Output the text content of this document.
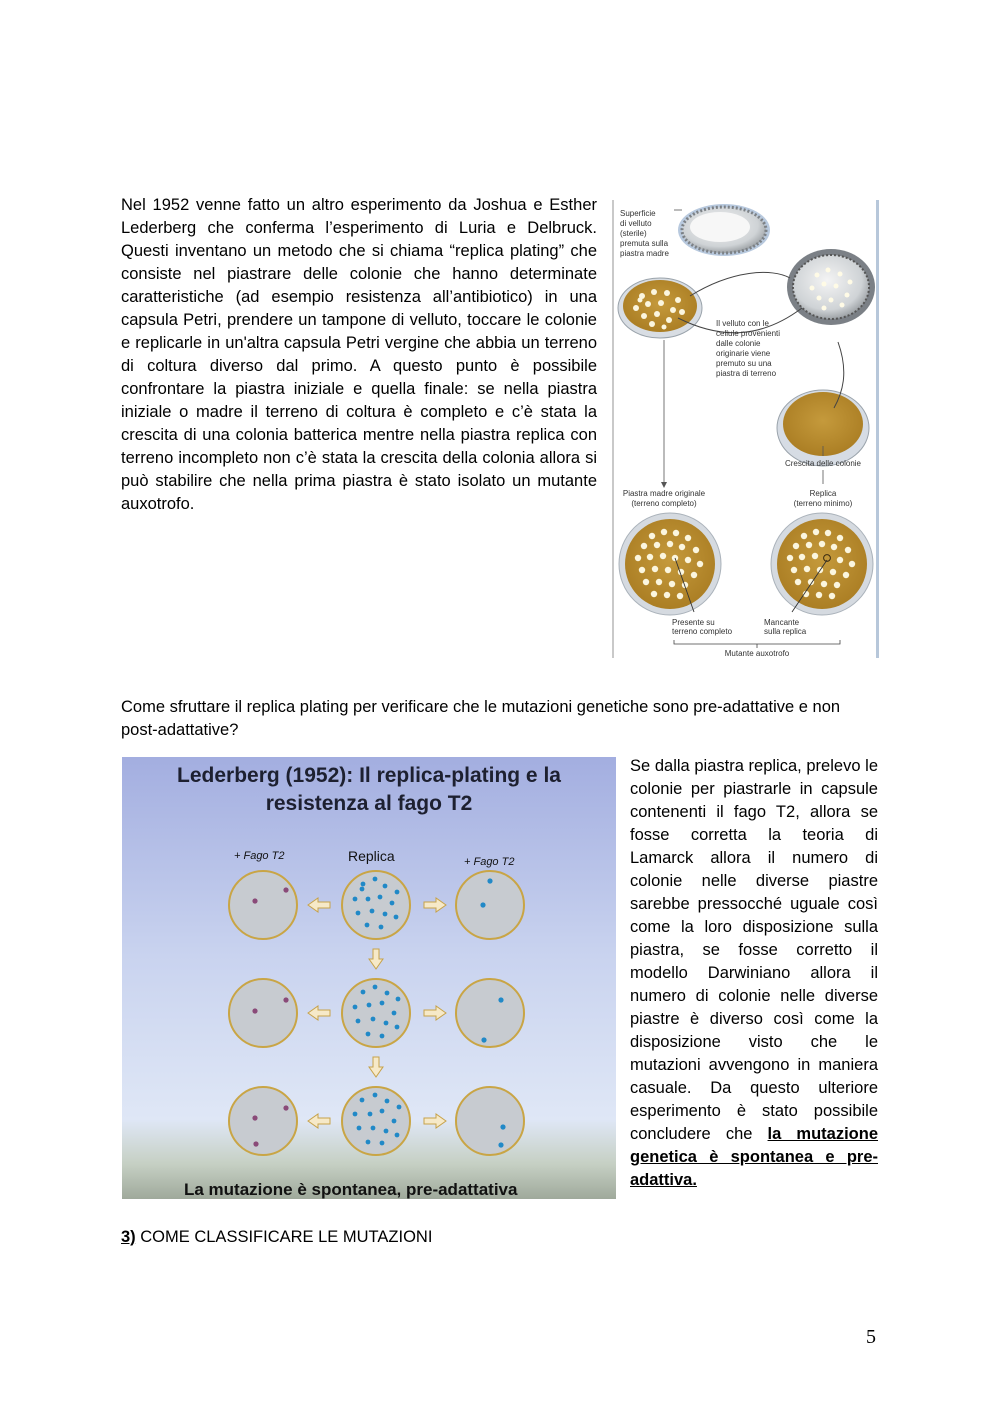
Nel 1952 venne fatto un altro esperimento da Joshua e Esther Lederberg che conferma l’esperimento di Luria e Delbruck. Questi inventano un metodo che si chiama “replica plating” che consiste nel piastrare delle colonie che hanno determinate caratteristiche (ad esempio resistenza all’antibiotico) in una capsula Petri, prendere un tampone di velluto, toccare le colonie e replicarle in un'altra capsula Petri vergine che abbia un terreno di coltura diverso dal primo. A questo punto è possibile confrontare la piastra iniziale e quella finale: se nella piastra iniziale o madre il terreno di coltura è completo e c’è stata la crescita di una colonia batterica mentre nella piastra replica con terreno incompleto non c’è stata la crescita della colonia allora si può stabilire che nella prima piastra è stato isolato un mutante auxotrofo.

Superficie
di velluto
(sterile)
premuta sulla
piastra madre
Il velluto con le
cellule provenienti
dalle colonie
originarie viene
premuto su una
piastra di terreno
Crescita delle colonie
Piastra madre originale
(terreno completo)
Replica
(terreno minimo)
Presente su
terreno completo
Mancante
sulla replica
Mutante auxotrofo

Come sfruttare il replica plating per verificare che le mutazioni genetiche sono pre-adattative e non post-adattative?

Lederberg (1952): Il replica-plating e la
resistenza al fago T2
+ Fago T2	Replica	+ Fago T2
La mutazione è spontanea, pre-adattativa

Se dalla piastra replica, prelevo le colonie per piastrarle in capsule contenenti il fago T2, allora se fosse corretta la teoria di Lamarck allora il numero di colonie nelle diverse piastre sarebbe pressocché uguale così come la loro disposizione sulla piastra, se fosse corretto il modello Darwiniano allora il numero di colonie nelle diverse piastre è diverso così come la disposizione visto che le mutazioni avvengono in maniera casuale. Da questo ulteriore esperimento è stato possibile concludere che la mutazione genetica è spontanea e pre-adattiva.

3) COME CLASSIFICARE LE MUTAZIONI
5
